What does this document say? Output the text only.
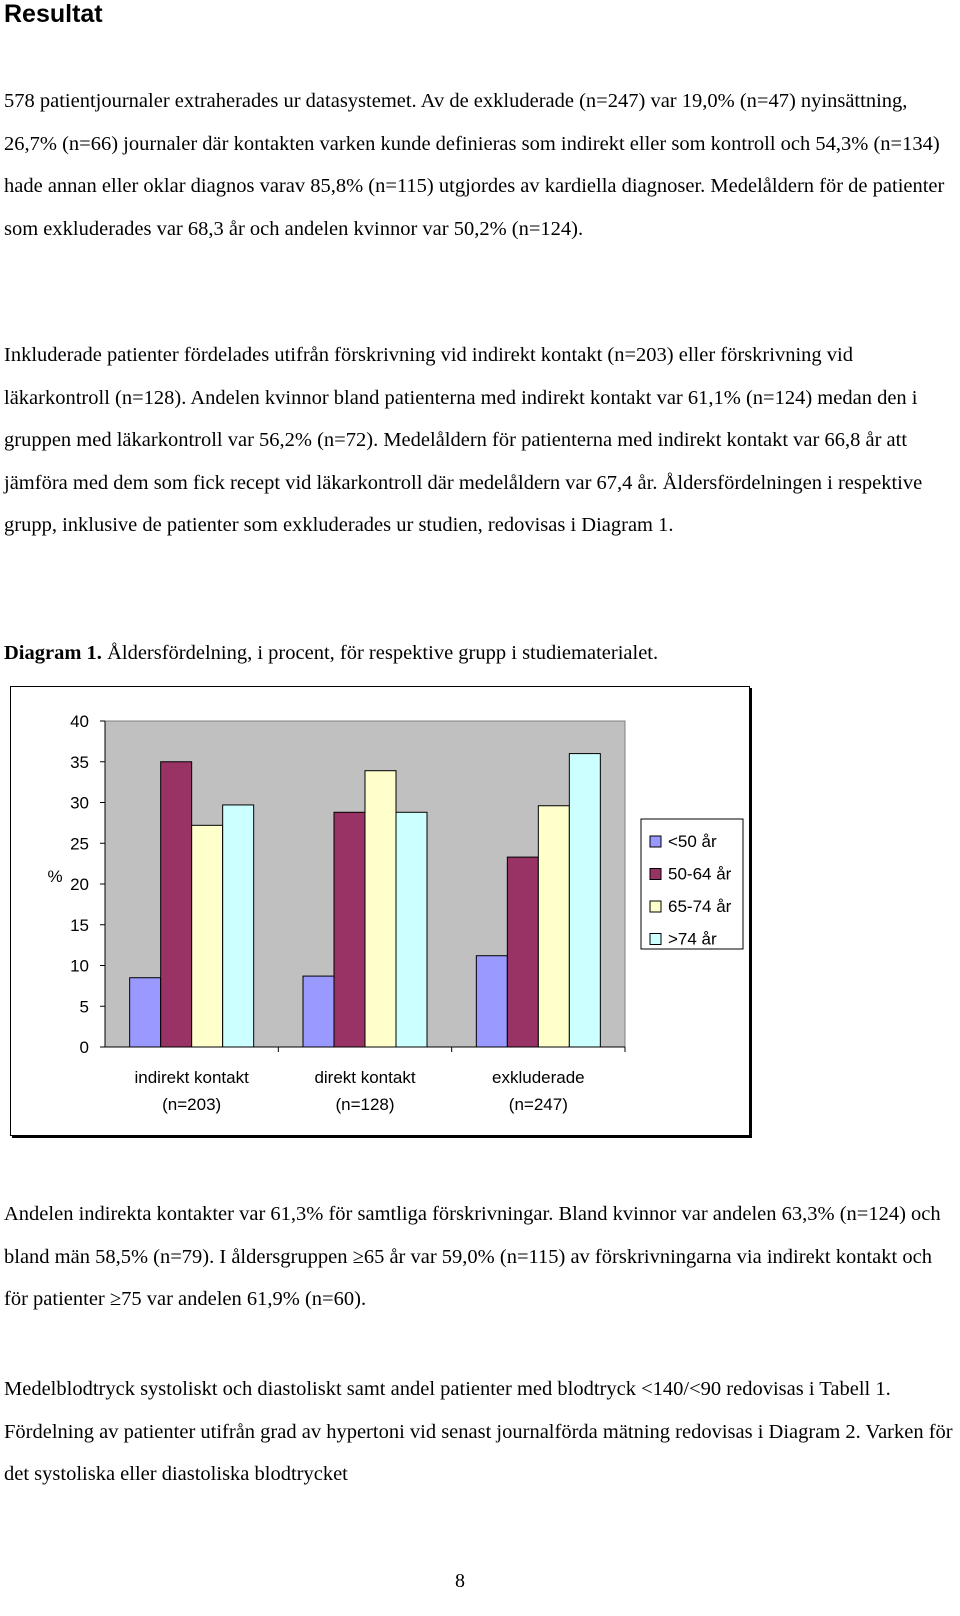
Resultat
578 patientjournaler extraherades ur datasystemet. Av de exkluderade (n=247) var 19,0% (n=47) nyinsättning, 26,7% (n=66) journaler där kontakten varken kunde definieras som indirekt eller som kontroll och 54,3% (n=134) hade annan eller oklar diagnos varav 85,8% (n=115) utgjordes av kardiella diagnoser. Medelåldern för de patienter som exkluderades var 68,3 år och andelen kvinnor var 50,2% (n=124).
Inkluderade patienter fördelades utifrån förskrivning vid indirekt kontakt (n=203) eller förskrivning vid läkarkontroll (n=128). Andelen kvinnor bland patienterna med indirekt kontakt var 61,1% (n=124) medan den i gruppen med läkarkontroll var 56,2% (n=72). Medelåldern för patienterna med indirekt kontakt var 66,8 år att jämföra med dem som fick recept vid läkarkontroll där medelåldern var 67,4 år. Åldersfördelningen i respektive grupp, inklusive de patienter som exkluderades ur studien, redovisas i Diagram 1.
Diagram 1. Åldersfördelning, i procent, för respektive grupp i studiematerialet.
0
5
10
15
20
25
30
35
40
%
indirekt kontakt
(n=203)
direkt kontakt
(n=128)
exkluderade
(n=247)
<50 år
50-64 år
65-74 år
>74 år
Andelen indirekta kontakter var 61,3% för samtliga förskrivningar. Bland kvinnor var andelen 63,3% (n=124) och bland män 58,5% (n=79). I åldersgruppen ≥65 år var 59,0% (n=115) av förskrivningarna via indirekt kontakt och för patienter ≥75 var andelen 61,9% (n=60).
Medelblodtryck systoliskt och diastoliskt samt andel patienter med blodtryck <140/<90 redovisas i Tabell 1. Fördelning av patienter utifrån grad av hypertoni vid senast journalförda mätning redovisas i Diagram 2. Varken för det systoliska eller diastoliska blodtrycket
8
